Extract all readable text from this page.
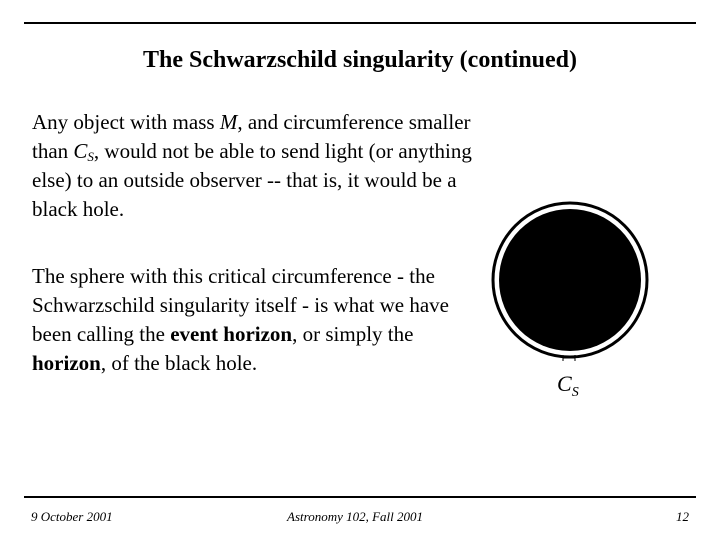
The Schwarzschild singularity (continued)
Any object with mass M, and circumference smaller than $C_S$, would not be able to send light (or anything else) to an outside observer -- that is, it would be a black hole.
The sphere with this critical circumference - the Schwarzschild singularity itself - is what we have been calling the event horizon, or simply the horizon, of the black hole.
$C_S$
9 October 2001	Astronomy 102, Fall 2001	12
